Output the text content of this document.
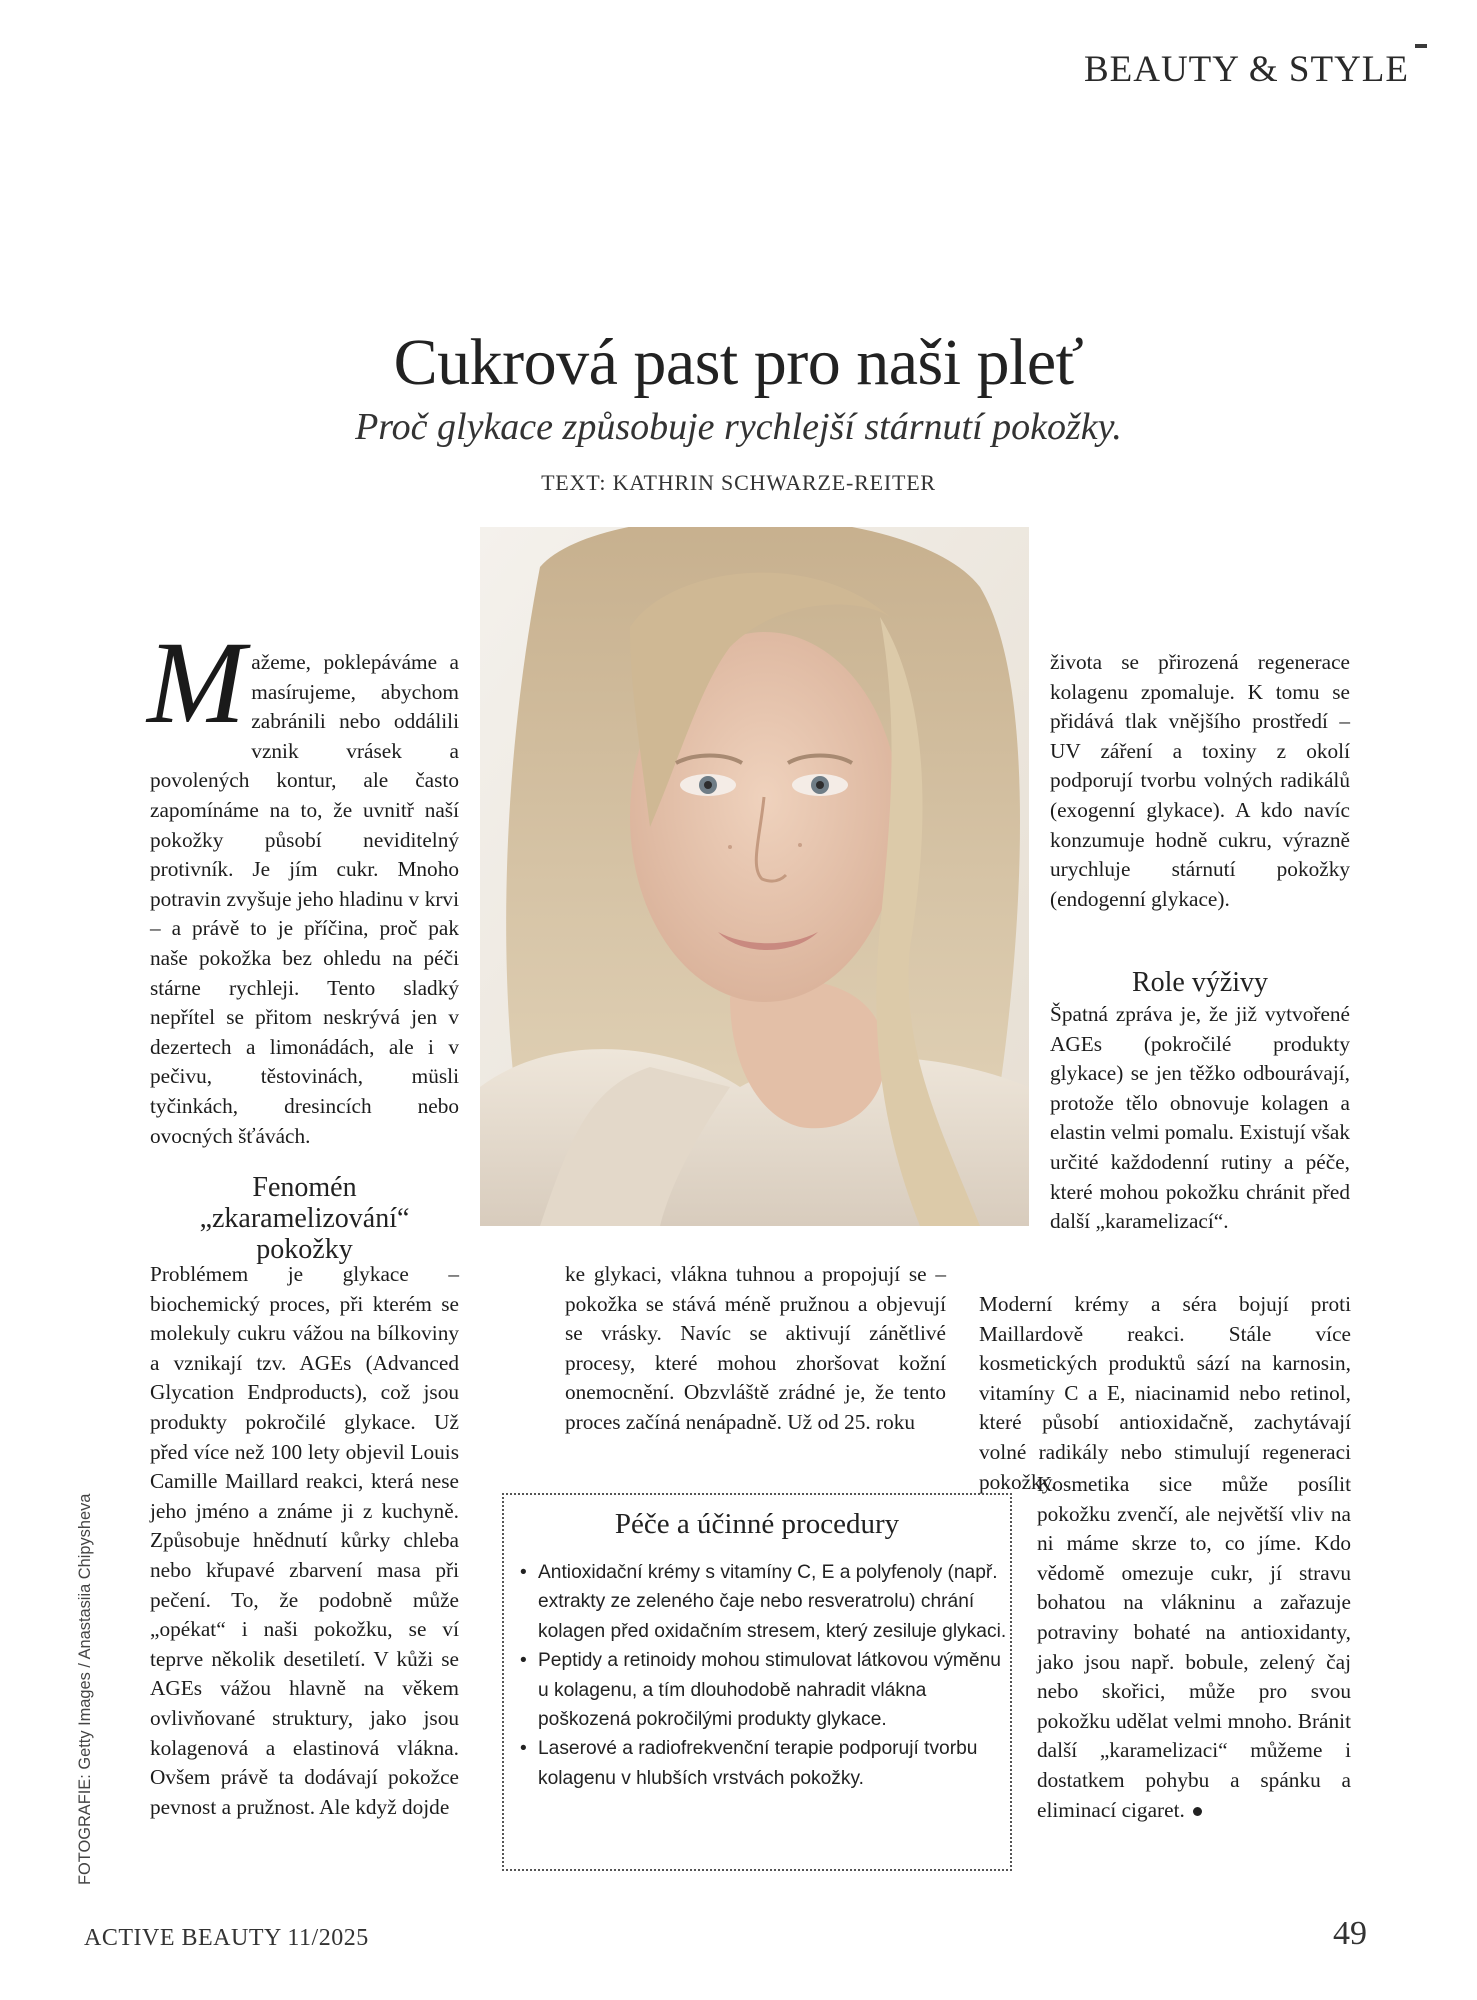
BEAUTY & STYLE
Cukrová past pro naši pleť
Proč glykace způsobuje rychlejší stárnutí pokožky.
TEXT: KATHRIN SCHWARZE-REITER
M ažeme, poklepáváme a masírujeme, abychom zabránili nebo oddálili vznik vrásek a povolených kontur, ale často zapomínáme na to, že uvnitř naší pokožky působí neviditelný protivník. Je jím cukr. Mnoho potravin zvyšuje jeho hladinu v krvi – a právě to je příčina, proč pak naše pokožka bez ohledu na péči stárne rychleji. Tento sladký nepřítel se přitom neskrývá jen v dezertech a limonádách, ale i v pečivu, těstovinách, müsli tyčinkách, dresincích nebo ovocných šťávách.

Fenomén „zkaramelizování“ pokožky

Problémem je glykace – biochemický proces, při kterém se molekuly cukru vážou na bílkoviny a vznikají tzv. AGEs (Advanced Glycation Endproducts), což jsou produkty pokročilé glykace. Už před více než 100 lety objevil Louis Camille Maillard reakci, která nese jeho jméno a známe ji z kuchyně. Způsobuje hnědnutí kůrky chleba nebo křupavé zbarvení masa při pečení. To, že podobně může „opékat“ i naši pokožku, se ví teprve několik desetiletí. V kůži se AGEs vážou hlavně na věkem ovlivňované struktury, jako jsou kolagenová a elastinová vlákna. Ovšem právě ta dodávají pokožce pevnost a pružnost. Ale když dojde

ke glykaci, vlákna tuhnou a propojují se – pokožka se stává méně pružnou a objevují se vrásky. Navíc se aktivují zánětlivé procesy, které mohou zhoršovat kožní onemocnění. Obzvláště zrádné je, že tento proces začíná nenápadně. Už od 25. roku

života se přirozená regenerace kolagenu zpomaluje. K tomu se přidává tlak vnějšího prostředí – UV záření a toxiny z okolí podporují tvorbu volných radikálů (exogenní glykace). A kdo navíc konzumuje hodně cukru, výrazně urychluje stárnutí pokožky (endogenní glykace).

Role výživy

Špatná zpráva je, že již vytvořené AGEs (pokročilé produkty glykace) se jen těžko odbourávají, protože tělo obnovuje kolagen a elastin velmi pomalu. Existují však určité každodenní rutiny a péče, které mohou pokožku chránit před další „karamelizací“.

Moderní krémy a séra bojují proti Maillardově reakci. Stále více kosmetických produktů sází na karnosin, vitamíny C a E, niacinamid nebo retinol, které působí antioxidačně, zachytávají volné radikály nebo stimulují regeneraci pokožky.

Kosmetika sice může posílit pokožku zvenčí, ale největší vliv na ni máme skrze to, co jíme. Kdo vědomě omezuje cukr, jí stravu bohatou na vlákninu a zařazuje potraviny bohaté na antioxidanty, jako jsou např. bobule, zelený čaj nebo skořici, může pro svou pokožku udělat velmi mnoho. Bránit další „karamelizaci“ můžeme i dostatkem pohybu a spánku a eliminací cigaret.

Péče a účinné procedury
• Antioxidační krémy s vitamíny C, E a polyfenoly (např. extrakty ze zeleného čaje nebo resveratrolu) chrání kolagen před oxidačním stresem, který zesiluje glykaci.
• Peptidy a retinoidy mohou stimulovat látkovou výměnu u kolagenu, a tím dlouhodobě nahradit vlákna poškozená pokročilými produkty glykace.
• Laserové a radiofrekvenční terapie podporují tvorbu kolagenu v hlubších vrstvách pokožky.
FOTOGRAFIE: Getty Images / Anastasiia Chipysheva
ACTIVE BEAUTY 11/2025	49
